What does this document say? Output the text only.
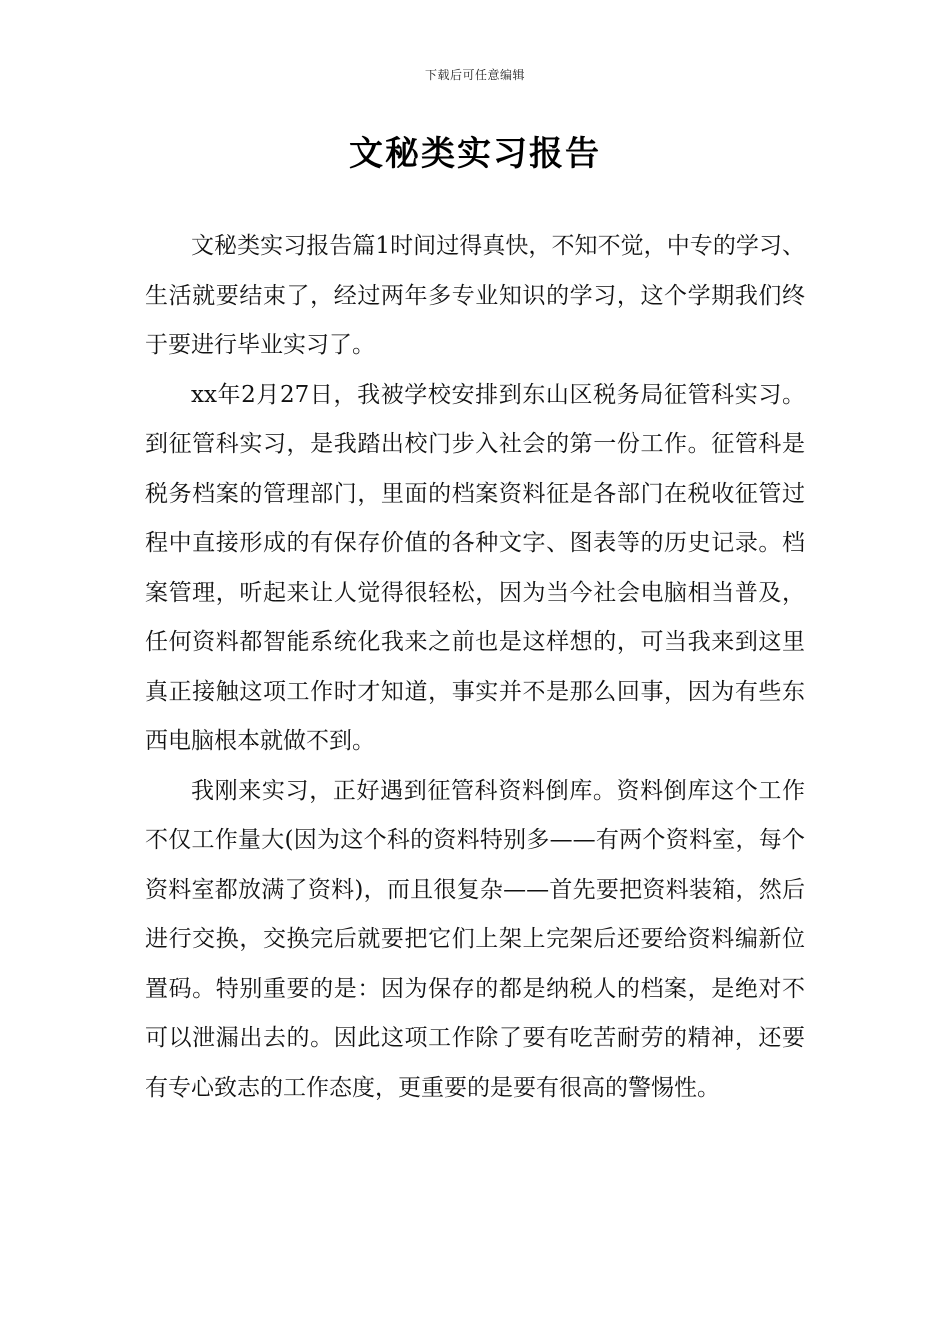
下载后可任意编辑
文秘类实习报告

文秘类实习报告篇1时间过得真快，不知不觉，中专的学习、生活就要结束了，经过两年多专业知识的学习，这个学期我们终于要进行毕业实习了。

xx年2月27日，我被学校安排到东山区税务局征管科实习。到征管科实习，是我踏出校门步入社会的第一份工作。征管科是税务档案的管理部门，里面的档案资料征是各部门在税收征管过程中直接形成的有保存价值的各种文字、图表等的历史记录。档案管理，听起来让人觉得很轻松，因为当今社会电脑相当普及，任何资料都智能系统化我来之前也是这样想的，可当我来到这里真正接触这项工作时才知道，事实并不是那么回事，因为有些东西电脑根本就做不到。

我刚来实习，正好遇到征管科资料倒库。资料倒库这个工作不仅工作量大(因为这个科的资料特别多——有两个资料室，每个资料室都放满了资料)，而且很复杂——首先要把资料装箱，然后进行交换，交换完后就要把它们上架上完架后还要给资料编新位置码。特别重要的是：因为保存的都是纳税人的档案，是绝对不可以泄漏出去的。因此这项工作除了要有吃苦耐劳的精神，还要有专心致志的工作态度，更重要的是要有很高的警惕性。
